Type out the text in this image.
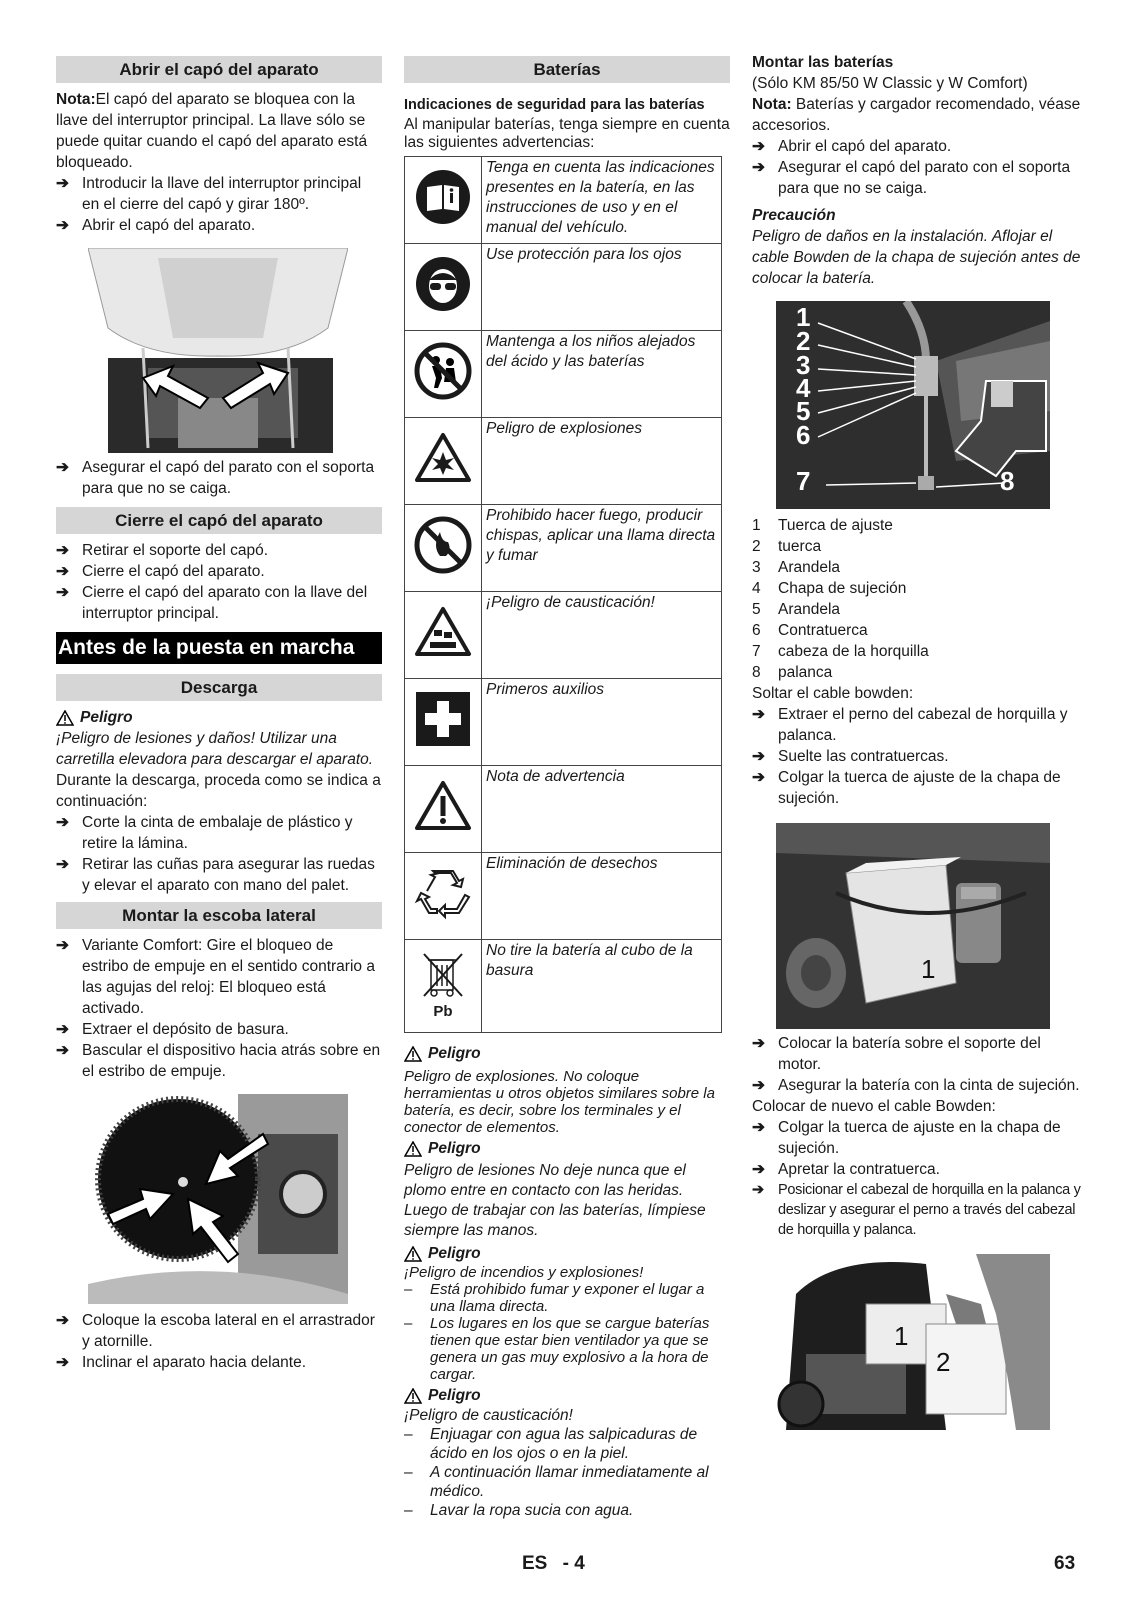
Abrir el capó del aparato

Nota:El capó del aparato se bloquea con la llave del interruptor principal. La llave sólo se puede quitar cuando el capó del aparato está bloqueado.

➔ Introducir la llave del interruptor principal en el cierre del capó y girar 180º.
➔ Abrir el capó del aparato.
➔ Asegurar el capó del parato con el soporta para que no se caiga.
Cierre el capó del aparato
➔ Retirar el soporte del capó.
➔ Cierre el capó del aparato.
➔ Cierre el capó del aparato con la llave del interruptor principal.
Antes de la puesta en marcha
Descarga
Peligro

¡Peligro de lesiones y daños! Utilizar una carretilla elevadora para descargar el aparato.

Durante la descarga, proceda como se indica a continuación:

➔ Corte la cinta de embalaje de plástico y retire la lámina.
➔ Retirar las cuñas para asegurar las ruedas y elevar el aparato con mano del palet.
Montar la escoba lateral
➔ Variante Comfort: Gire el bloqueo de estribo de empuje en el sentido contrario a las agujas del reloj: El bloqueo está activado.
➔ Extraer el depósito de basura.
➔ Bascular el dispositivo hacia atrás sobre en el estribo de empuje.
➔ Coloque la escoba lateral en el arrastrador y atornille.
➔ Inclinar el aparato hacia delante.
Baterías

Indicaciones de seguridad para las baterías

Al manipular baterías, tenga siempre en cuenta las siguientes advertencias:

	Tenga en cuenta las indicaciones presentes en la batería, en las instrucciones de uso y en el manual del vehículo.
	Use protección para los ojos
	Mantenga a los niños alejados del ácido y las baterías
	Peligro de explosiones
	Prohibido hacer fuego, producir chispas, aplicar una llama directa y fumar
	¡Peligro de causticación!
	Primeros auxilios
	Nota de advertencia
	Eliminación de desechos

Pb	No tire la batería al cubo de la basura
Peligro

Peligro de explosiones. No coloque herramientas u otros objetos similares sobre la batería, es decir, sobre los terminales y el conector de elementos.

Peligro

Peligro de lesiones No deje nunca que el plomo entre en contacto con las heridas. Luego de trabajar con las baterías, límpiese siempre las manos.

Peligro

¡Peligro de incendios y explosiones!

–	Está prohibido fumar y exponer el lugar a una llama directa.
–	Los lugares en los que se cargue baterías tienen que estar bien ventilador ya que se genera un gas muy explosivo a la hora de cargar.
Peligro

¡Peligro de causticación!

–	Enjuagar con agua las salpicaduras de ácido en los ojos o en la piel.
–	A continuación llamar inmediatamente al médico.
–	Lavar la ropa sucia con agua.

Montar las baterías

(Sólo KM 85/50 W Classic y W Comfort)

Nota: Baterías y cargador recomendado, véase accesorios.

➔ Abrir el capó del aparato.
➔ Asegurar el capó del parato con el soporta para que no se caiga.

Precaución

Peligro de daños en la instalación. Aflojar el cable Bowden de la chapa de sujeción antes de colocar la batería.

1
2
3
4
5
6
7	8
1	Tuerca de ajuste
2	tuerca
3	Arandela
4	Chapa de sujeción
5	Arandela
6	Contratuerca
7	cabeza de la horquilla
8	palanca

Soltar el cable bowden:

➔ Extraer el perno del cabezal de horquilla y palanca.
➔ Suelte las contratuercas.
➔ Colgar la tuerca de ajuste de la chapa de sujeción.
1
➔ Colocar la batería sobre el soporte del motor.
➔ Asegurar la batería con la cinta de sujeción.

Colocar de nuevo el cable Bowden:

➔ Colgar la tuerca de ajuste en la chapa de sujeción.
➔ Apretar la contratuerca.
➔ Posicionar el cabezal de horquilla en la palanca y deslizar y asegurar el perno a través del cabezal de horquilla y palanca.
1
2
ES - 4	63
